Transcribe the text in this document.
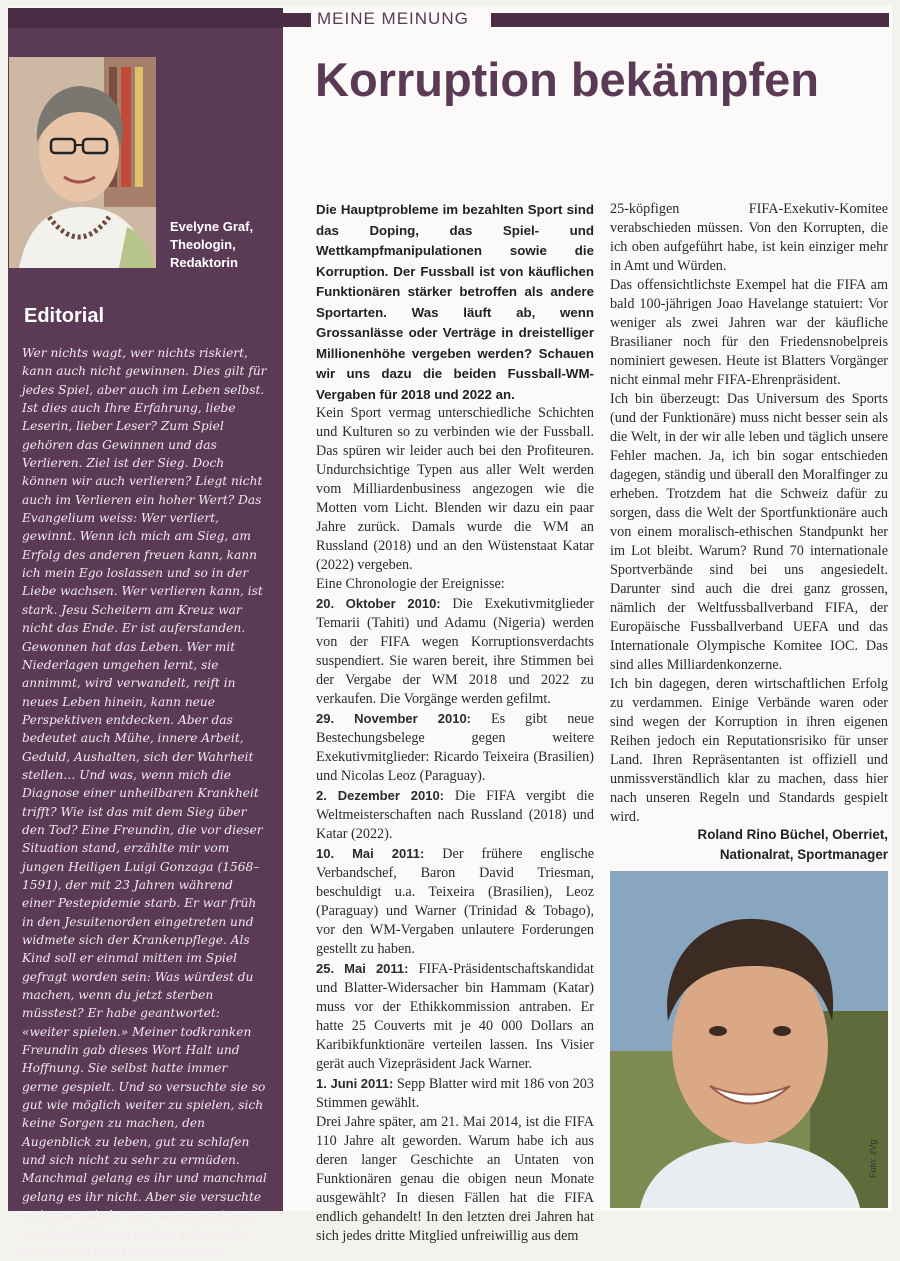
Evelyne Graf,
Theologin,
Redaktorin
Editorial

Wer nichts wagt, wer nichts riskiert, kann auch nicht gewinnen. Dies gilt für jedes Spiel, aber auch im Leben selbst. Ist dies auch Ihre Erfahrung, liebe Leserin, lieber Leser? Zum Spiel gehören das Gewinnen und das Verlieren. Ziel ist der Sieg. Doch können wir auch verlieren? Liegt nicht auch im Verlieren ein hoher Wert? Das Evangelium weiss: Wer verliert, gewinnt. Wenn ich mich am Sieg, am Erfolg des anderen freuen kann, kann ich mein Ego loslassen und so in der Liebe wachsen. Wer verlieren kann, ist stark. Jesu Scheitern am Kreuz war nicht das Ende. Er ist auferstanden. Gewonnen hat das Leben. Wer mit Niederlagen umgehen lernt, sie annimmt, wird verwandelt, reift in neues Leben hinein, kann neue Perspektiven entdecken. Aber das bedeutet auch Mühe, innere Arbeit, Geduld, Aushalten, sich der Wahrheit stellen… Und was, wenn mich die Diagnose einer unheilbaren Krankheit trifft? Wie ist das mit dem Sieg über den Tod? Eine Freundin, die vor dieser Situation stand, erzählte mir vom jungen Heiligen Luigi Gonzaga (1568–1591), der mit 23 Jahren während einer Pestepidemie starb. Er war früh in den Jesuitenorden eingetreten und widmete sich der Krankenpflege. Als Kind soll er einmal mitten im Spiel gefragt worden sein: Was würdest du machen, wenn du jetzt sterben müsstest? Er habe geantwortet: «weiter spielen.» Meiner todkranken Freundin gab dieses Wort Halt und Hoffnung. Sie selbst hatte immer gerne gespielt. Und so versuchte sie so gut wie möglich weiter zu spielen, sich keine Sorgen zu machen, den Augenblick zu leben, gut zu schlafen und sich nicht zu sehr zu ermüden. Manchmal gelang es ihr und manchmal gelang es ihr nicht. Aber sie versuchte es immer wieder von neuem, getragen von der Hoffnung auf ein Leben, das ihr der Tod nicht rauben konnte.

MEINE MEINUNG
Korruption bekämpfen

Die Hauptprobleme im bezahlten Sport sind das Doping, das Spiel- und Wettkampfmanipulationen sowie die Korruption. Der Fussball ist von käuflichen Funktionären stärker betroffen als andere Sportarten. Was läuft ab, wenn Grossanlässe oder Verträge in dreistelliger Millionenhöhe vergeben werden? Schauen wir uns dazu die beiden Fussball-WM-Vergaben für 2018 und 2022 an.

Kein Sport vermag unterschiedliche Schichten und Kulturen so zu verbinden wie der Fussball. Das spüren wir leider auch bei den Profiteuren. Undurchsichtige Typen aus aller Welt werden vom Milliardenbusiness angezogen wie die Motten vom Licht. Blenden wir dazu ein paar Jahre zurück. Damals wurde die WM an Russland (2018) und an den Wüstenstaat Katar (2022) vergeben.

Eine Chronologie der Ereignisse:

20. Oktober 2010: Die Exekutivmitglieder Temarii (Tahiti) und Adamu (Nigeria) werden von der FIFA wegen Korruptionsverdachts suspendiert. Sie waren bereit, ihre Stimmen bei der Vergabe der WM 2018 und 2022 zu verkaufen. Die Vorgänge werden gefilmt.

29. November 2010: Es gibt neue Bestechungsbelege gegen weitere Exekutivmitglieder: Ricardo Teixeira (Brasilien) und Nicolas Leoz (Paraguay).

2. Dezember 2010: Die FIFA vergibt die Weltmeisterschaften nach Russland (2018) und Katar (2022).

10. Mai 2011: Der frühere englische Verbandschef, Baron David Triesman, beschuldigt u.a. Teixeira (Brasilien), Leoz (Paraguay) und Warner (Trinidad & Tobago), vor den WM-Vergaben unlautere Forderungen gestellt zu haben.

25. Mai 2011: FIFA-Präsidentschaftskandidat und Blatter-Widersacher bin Hammam (Katar) muss vor der Ethikkommission antraben. Er hatte 25 Couverts mit je 40 000 Dollars an Karibikfunktionäre verteilen lassen. Ins Visier gerät auch Vizepräsident Jack Warner.

1. Juni 2011: Sepp Blatter wird mit 186 von 203 Stimmen gewählt.

Drei Jahre später, am 21. Mai 2014, ist die FIFA 110 Jahre alt geworden. Warum habe ich aus deren langer Geschichte an Untaten von Funktionären genau die obigen neun Monate ausgewählt? In diesen Fällen hat die FIFA endlich gehandelt! In den letzten drei Jahren hat sich jedes dritte Mitglied unfreiwillig aus dem

25-köpfigen FIFA-Exekutiv-Komitee verabschieden müssen. Von den Korrupten, die ich oben aufgeführt habe, ist kein einziger mehr in Amt und Würden.

Das offensichtlichste Exempel hat die FIFA am bald 100-jährigen Joao Havelange statuiert: Vor weniger als zwei Jahren war der käufliche Brasilianer noch für den Friedensnobelpreis nominiert gewesen. Heute ist Blatters Vorgänger nicht einmal mehr FIFA-Ehrenpräsident.

Ich bin überzeugt: Das Universum des Sports (und der Funktionäre) muss nicht besser sein als die Welt, in der wir alle leben und täglich unsere Fehler machen. Ja, ich bin sogar entschieden dagegen, ständig und überall den Moralfinger zu erheben. Trotzdem hat die Schweiz dafür zu sorgen, dass die Welt der Sportfunktionäre auch von einem moralisch-ethischen Standpunkt her im Lot bleibt. Warum? Rund 70 internationale Sportverbände sind bei uns angesiedelt. Darunter sind auch die drei ganz grossen, nämlich der Weltfussballverband FIFA, der Europäische Fussballverband UEFA und das Internationale Olympische Komitee IOC. Das sind alles Milliardenkonzerne.

Ich bin dagegen, deren wirtschaftlichen Erfolg zu verdammen. Einige Verbände waren oder sind wegen der Korruption in ihren eigenen Reihen jedoch ein Reputationsrisiko für unser Land. Ihren Repräsentanten ist offiziell und unmissverständlich klar zu machen, dass hier nach unseren Regeln und Standards gespielt wird.

Roland Rino Büchel, Oberriet,
Nationalrat, Sportmanager
Foto: zVg
